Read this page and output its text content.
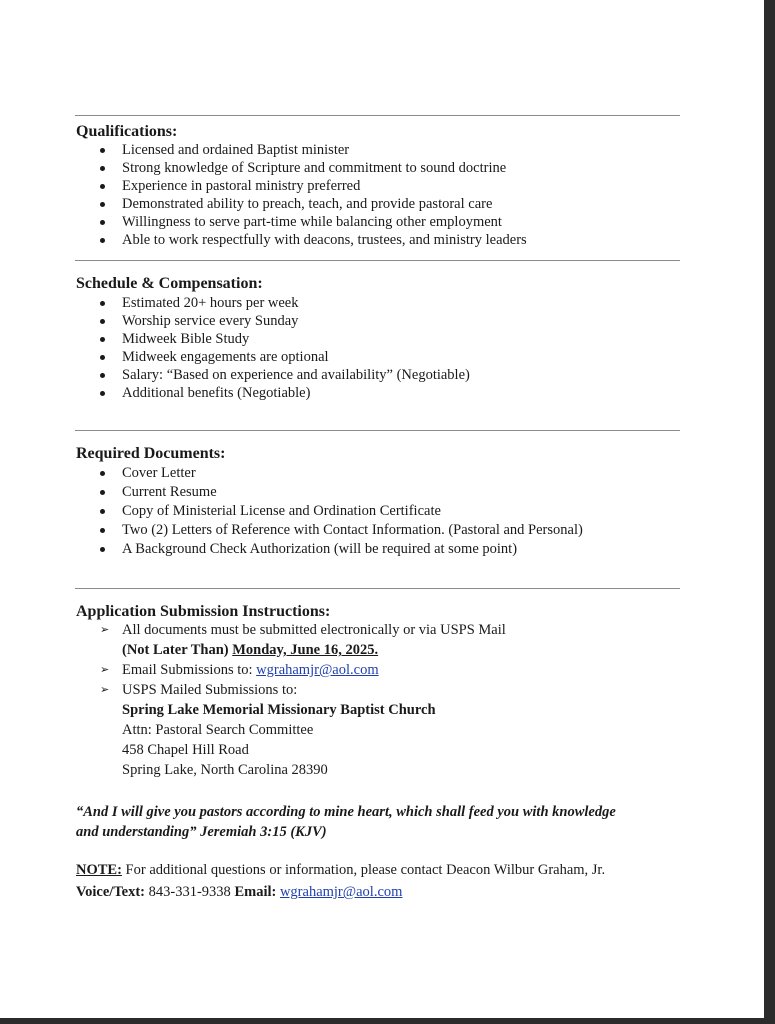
Qualifications:
Licensed and ordained Baptist minister
Strong knowledge of Scripture and commitment to sound doctrine
Experience in pastoral ministry preferred
Demonstrated ability to preach, teach, and provide pastoral care
Willingness to serve part-time while balancing other employment
Able to work respectfully with deacons, trustees, and ministry leaders
Schedule & Compensation:
Estimated 20+ hours per week
Worship service every Sunday
Midweek Bible Study
Midweek engagements are optional
Salary: “Based on experience and availability” (Negotiable)
Additional benefits (Negotiable)
Required Documents:
Cover Letter
Current Resume
Copy of Ministerial License and Ordination Certificate
Two (2) Letters of Reference with Contact Information. (Pastoral and Personal)
A Background Check Authorization (will be required at some point)
Application Submission Instructions:
➢ All documents must be submitted electronically or via USPS Mail
(Not Later Than) Monday, June 16, 2025.
➢ Email Submissions to: wgrahamjr@aol.com
➢ USPS Mailed Submissions to:
Spring Lake Memorial Missionary Baptist Church
Attn: Pastoral Search Committee
458 Chapel Hill Road
Spring Lake, North Carolina 28390
“And I will give you pastors according to mine heart, which shall feed you with knowledge
and understanding” Jeremiah 3:15 (KJV)
NOTE: For additional questions or information, please contact Deacon Wilbur Graham, Jr.
Voice/Text: 843-331-9338 Email: wgrahamjr@aol.com
